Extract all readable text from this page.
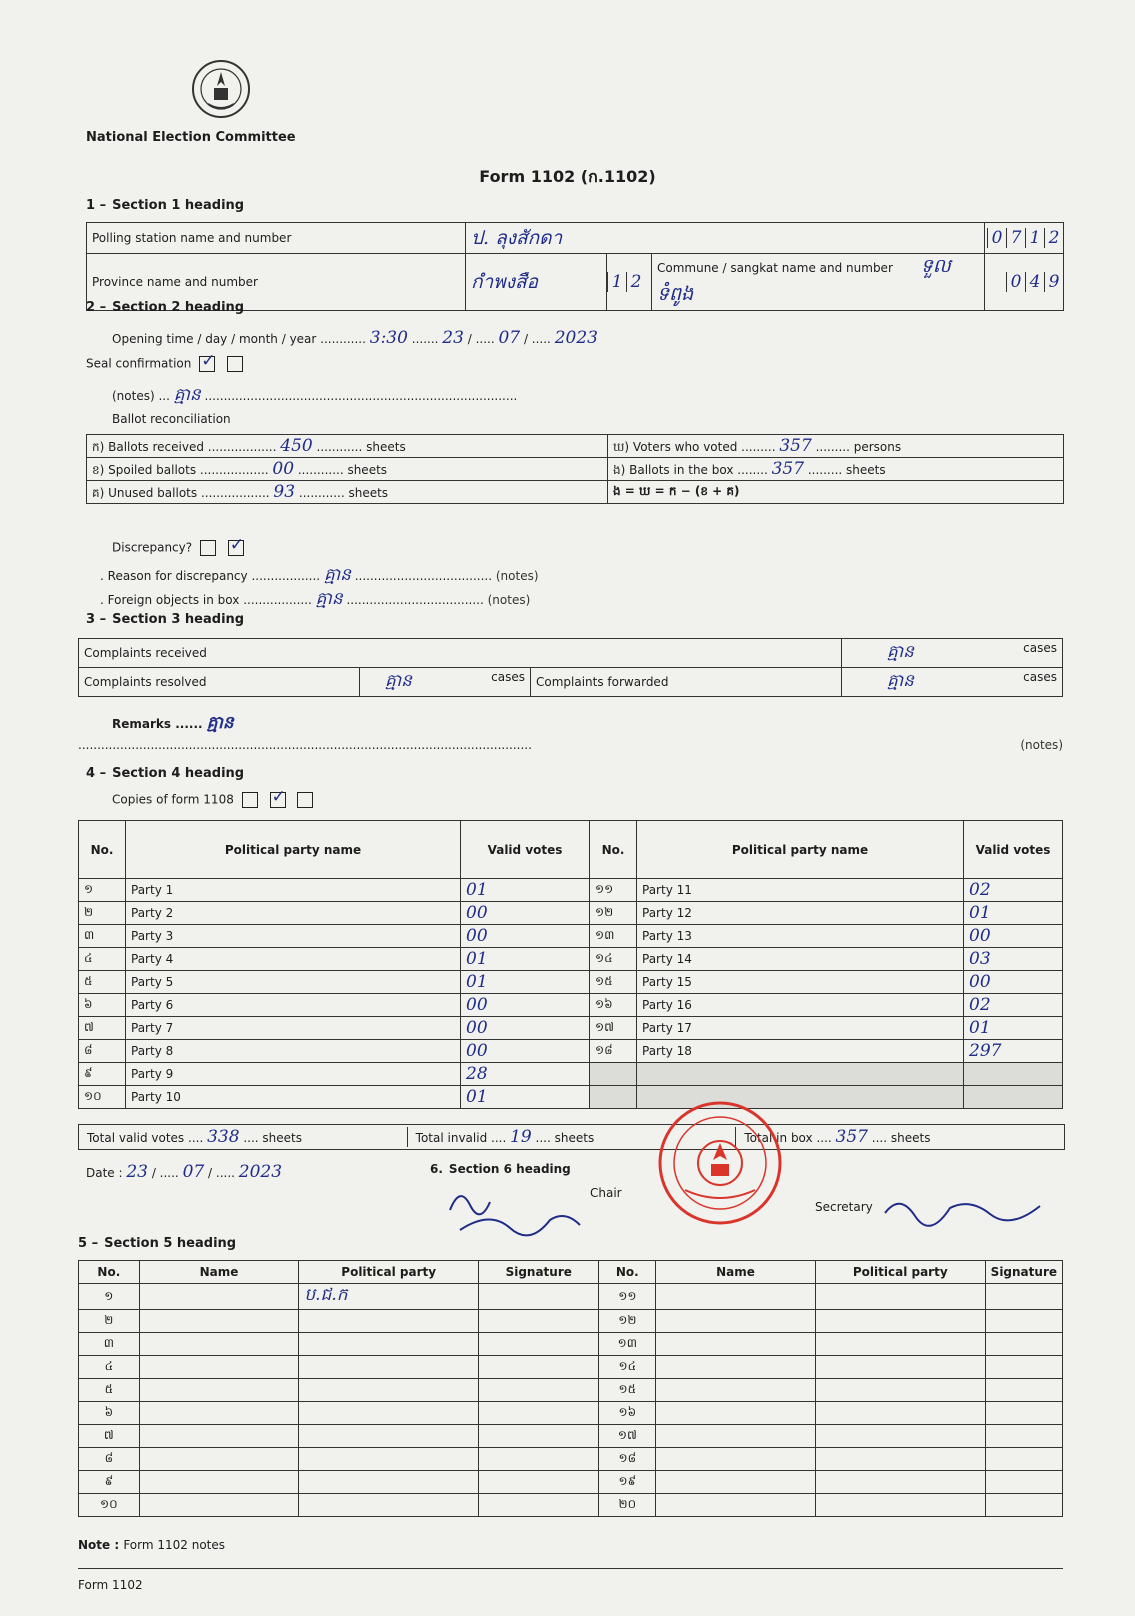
National Election Committee
Form 1102 (ก.1102)
1 – Section 1 heading
Polling station name and number	ป. ลุงสักดา			0 7 1 2
Province name and number	กำพงสือ	1 2	Commune / sangkat name and number ទួលទំពូង	0 4 9
2 – Section 2 heading
Opening time / day / month / year ............ 3:30 ....... 23 / ..... 07 / ..... 2023
Seal confirmation ✓
(notes) ... គ្មាន ..................................................................................
Ballot reconciliation
ក) Ballots received .................. 450 ............ sheets	ឃ) Voters who voted ......... 357 ......... persons
ខ) Spoiled ballots .................. 00 ............ sheets	ង) Ballots in the box ........ 357 ......... sheets
គ) Unused ballots .................. 93 ............ sheets	ង = ឃ = ក − (ខ + គ)
Discrepancy?  ✓
. Reason for discrepancy .................. គ្មាន .................................... (notes)
. Foreign objects in box .................. គ្មាន .................................... (notes)
3 – Section 3 heading
Complaints received			គ្មាន cases

Complaints resolved	គ្មាន cases	Complaints forwarded	គ្មាន cases
Remarks ...... គ្មាន
.......................................................................................................................	(notes)
4 – Section 4 heading
Copies of form 1108  ✓
No.	Political party name	Valid votes	No.	Political party name	Valid votes
១	Party 1	01	១១	Party 11	02
២	Party 2	00	១២	Party 12	01
៣	Party 3	00	១៣	Party 13	00
៤	Party 4	01	១៤	Party 14	03
៥	Party 5	01	១៥	Party 15	00
៦	Party 6	00	១៦	Party 16	02
៧	Party 7	00	១៧	Party 17	01
៨	Party 8	00	១៨	Party 18	297
៩	Party 9	28			
១០	Party 10	01			
Total valid votes .... 338 .... sheets	Total invalid .... 19 .... sheets	Total in box .... 357 .... sheets
Date : 23 / ..... 07 / ..... 2023	6. Section 6 heading
Chair
Secretary
5 – Section 5 heading
No.	Name	Political party	Signature	No.	Name	Political party	Signature
១		ប.ជ.ក		១១			
២				១២			
៣				១៣			
៤				១៤			
៥				១៥			
៦				១៦			
៧				១៧			
៨				១៨			
៩				១៩			
១០				២០			
Note : Form 1102 notes
Form 1102
